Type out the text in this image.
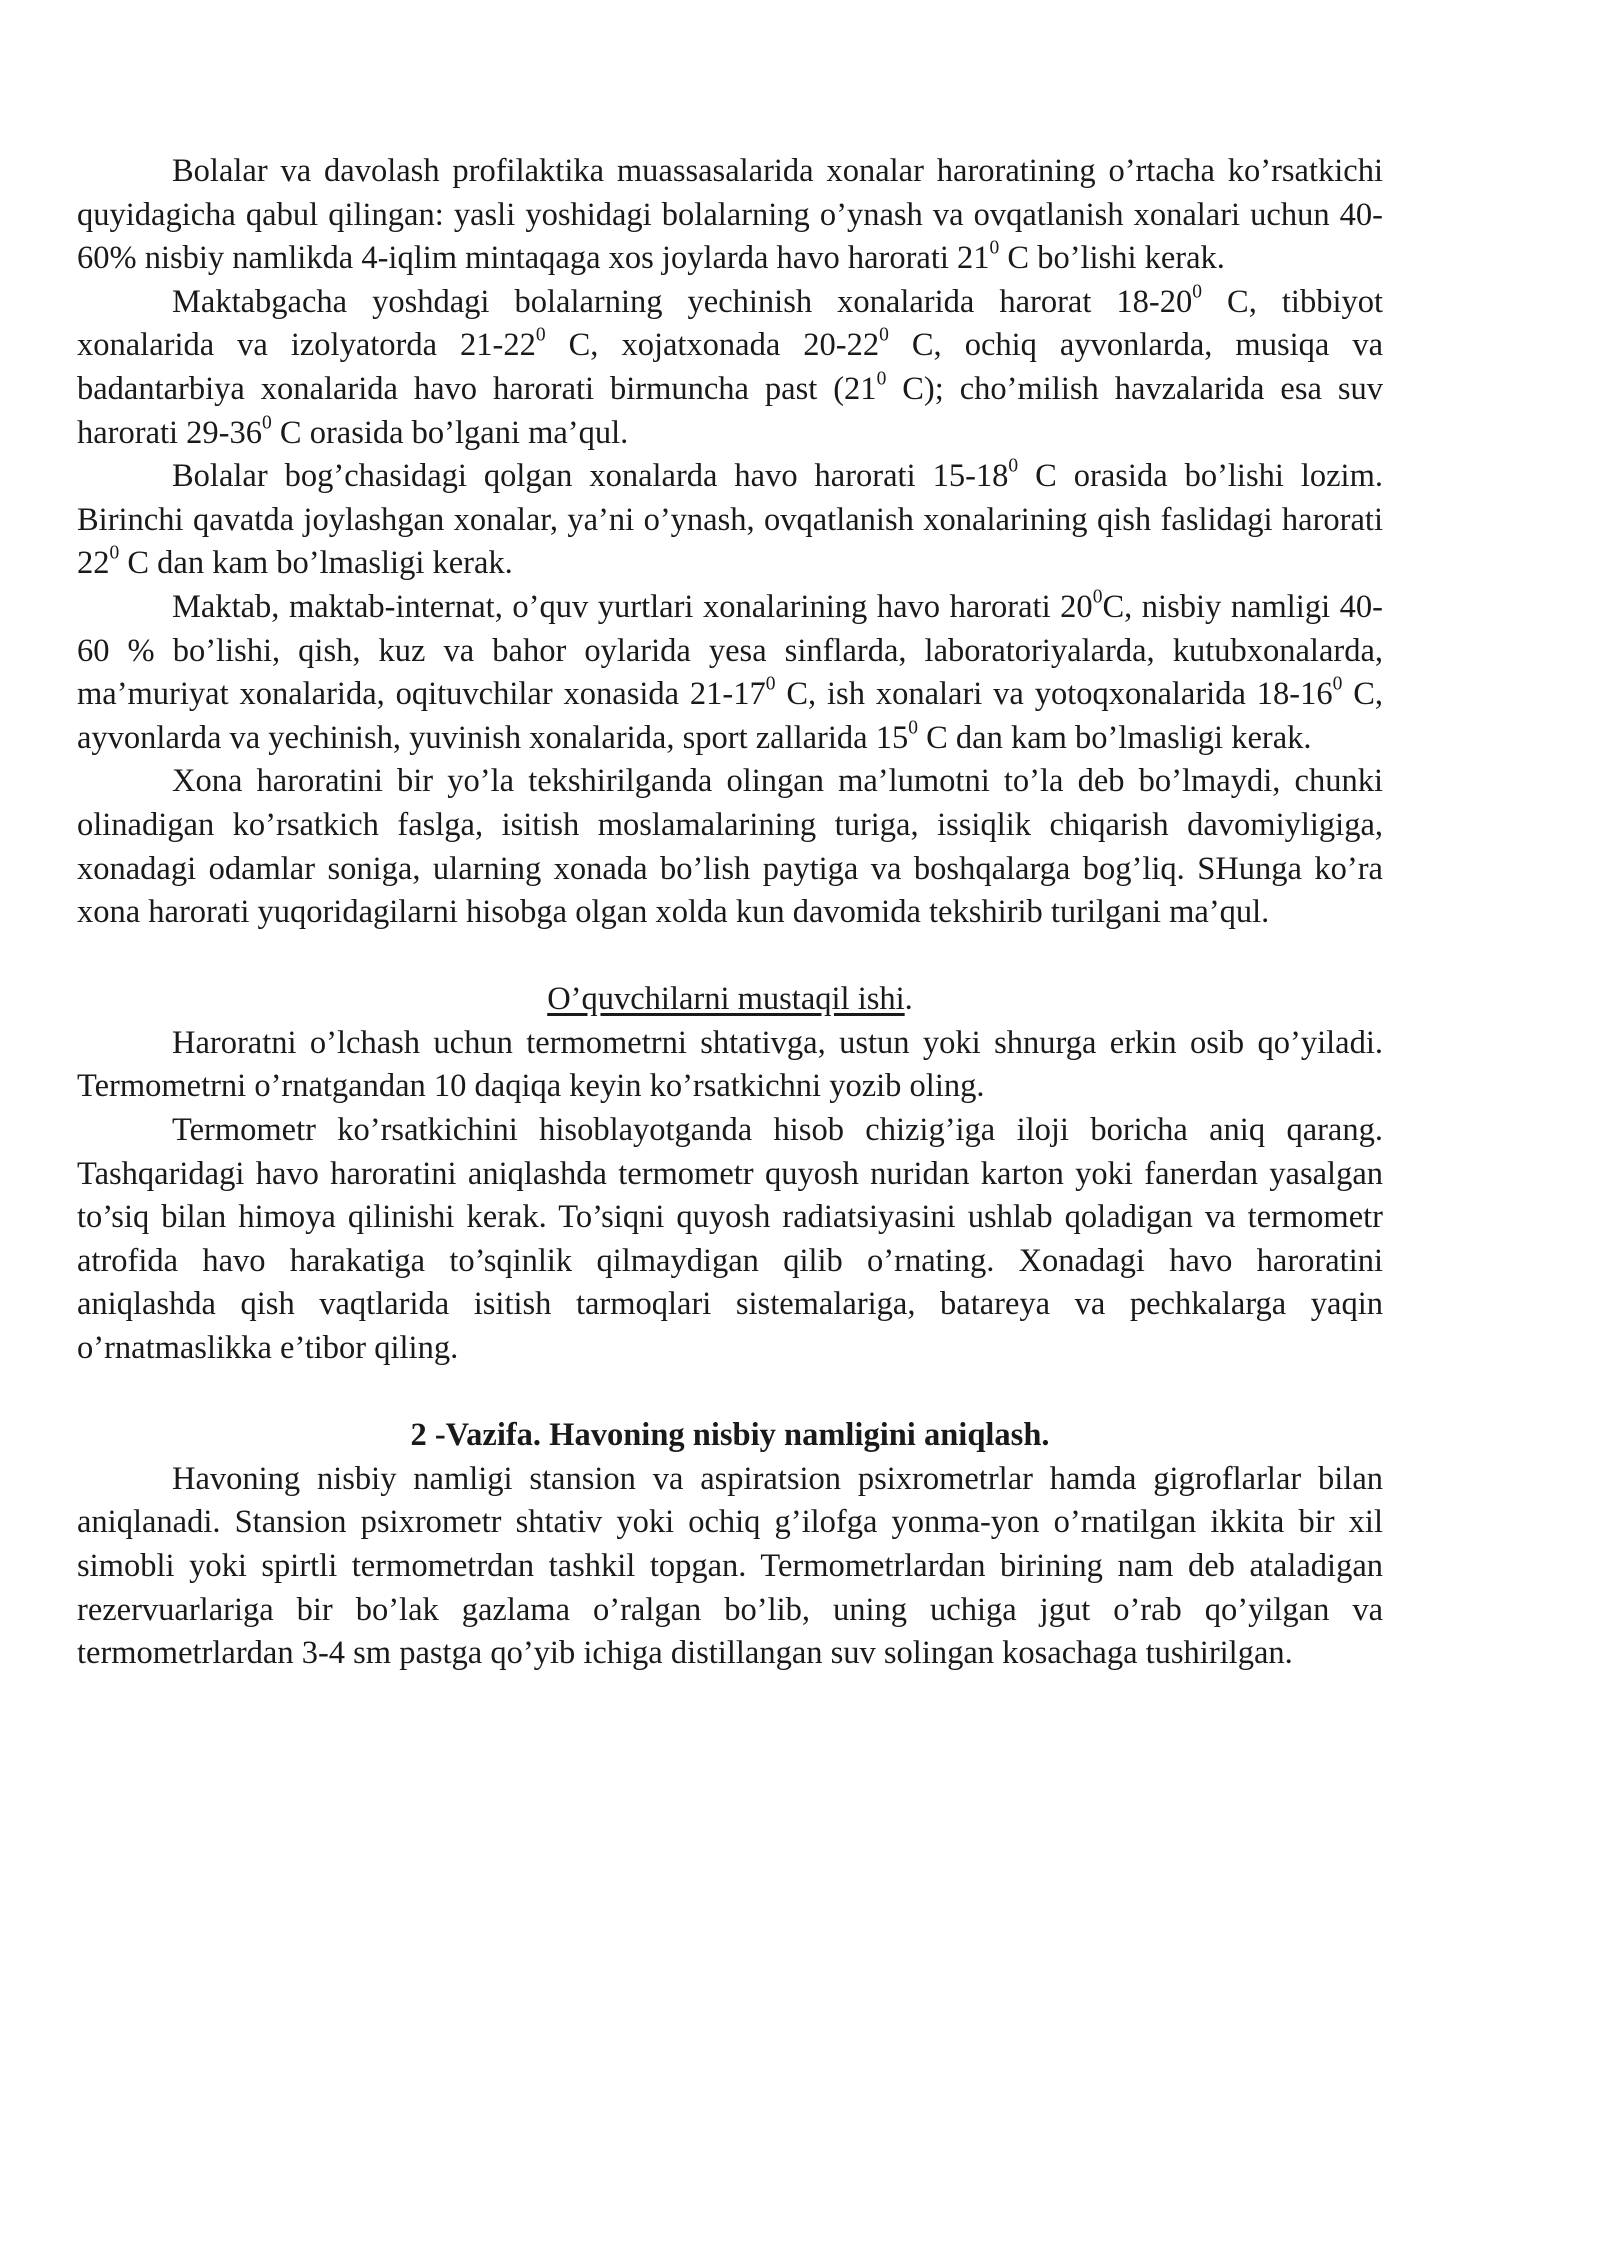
Bolalar va davolash profilaktika muassasalarida xonalar haroratining o’rtacha ko’rsatkichi quyidagicha qabul qilingan: yasli yoshidagi bolalarning o’ynash va ovqatlanish xonalari uchun 40-60% nisbiy namlikda 4-iqlim mintaqaga xos joylarda havo harorati $21^0$ C bo’lishi kerak.

Maktabgacha yoshdagi bolalarning yechinish xonalarida harorat $18-20^0$ C, tibbiyot xonalarida va izolyatorda $21-22^0$ C, xojatxonada $20-22^0$ C, ochiq ayvonlarda, musiqa va badantarbiya xonalarida havo harorati birmuncha past ($21^0$ C); cho’milish havzalarida esa suv harorati $29-36^0$ C orasida bo’lgani ma’qul.

Bolalar bog’chasidagi qolgan xonalarda havo harorati $15-18^0$ C orasida bo’lishi lozim. Birinchi qavatda joylashgan xonalar, ya’ni o’ynash, ovqatlanish xonalarining qish faslidagi harorati $22^0$ C dan kam bo’lmasligi kerak.

Maktab, maktab-internat, o’quv yurtlari xonalarining havo harorati $20^0C$, nisbiy namligi 40-60 % bo’lishi, qish, kuz va bahor oylarida yesa sinflarda, laboratoriyalarda, kutubxonalarda, ma’muriyat xonalarida, oqituvchilar xonasida $21-17^0$ C, ish xonalari va yotoqxonalarida $18-16^0$ C, ayvonlarda va yechinish, yuvinish xonalarida, sport zallarida $15^0$ C dan kam bo’lmasligi kerak.

Xona haroratini bir yo’la tekshirilganda olingan ma’lumotni to’la deb bo’lmaydi, chunki olinadigan ko’rsatkich faslga, isitish moslamalarining turiga, issiqlik chiqarish davomiyligiga, xonadagi odamlar soniga, ularning xonada bo’lish paytiga va boshqalarga bog’liq. SHunga ko’ra xona harorati yuqoridagilarni hisobga olgan xolda kun davomida tekshirib turilgani ma’qul.

O’quvchilarni mustaqil ishi.

Haroratni o’lchash uchun termometrni shtativga, ustun yoki shnurga erkin osib qo’yiladi. Termometrni o’rnatgandan 10 daqiqa keyin ko’rsatkichni yozib oling.

Termometr ko’rsatkichini hisoblayotganda hisob chizig’iga iloji boricha aniq qarang. Tashqaridagi havo haroratini aniqlashda termometr quyosh nuridan karton yoki fanerdan yasalgan to’siq bilan himoya qilinishi kerak. To’siqni quyosh radiatsiyasini ushlab qoladigan va termometr atrofida havo harakatiga to’sqinlik qilmaydigan qilib o’rnating. Xonadagi havo haroratini aniqlashda qish vaqtlarida isitish tarmoqlari sistemalariga, batareya va pechkalarga yaqin o’rnatmaslikka e’tibor qiling.

2 -Vazifa. Havoning nisbiy namligini aniqlash.

Havoning nisbiy namligi stansion va aspiratsion psixrometrlar hamda gigroflarlar bilan aniqlanadi. Stansion psixrometr shtativ yoki ochiq g’ilofga yonma-yon o’rnatilgan ikkita bir xil simobli yoki spirtli termometrdan tashkil topgan. Termometrlardan birining nam deb ataladigan rezervuarlariga bir bo’lak gazlama o’ralgan bo’lib, uning uchiga jgut o’rab qo’yilgan va termometrlardan 3-4 sm pastga qo’yib ichiga distillangan suv solingan kosachaga tushirilgan.
